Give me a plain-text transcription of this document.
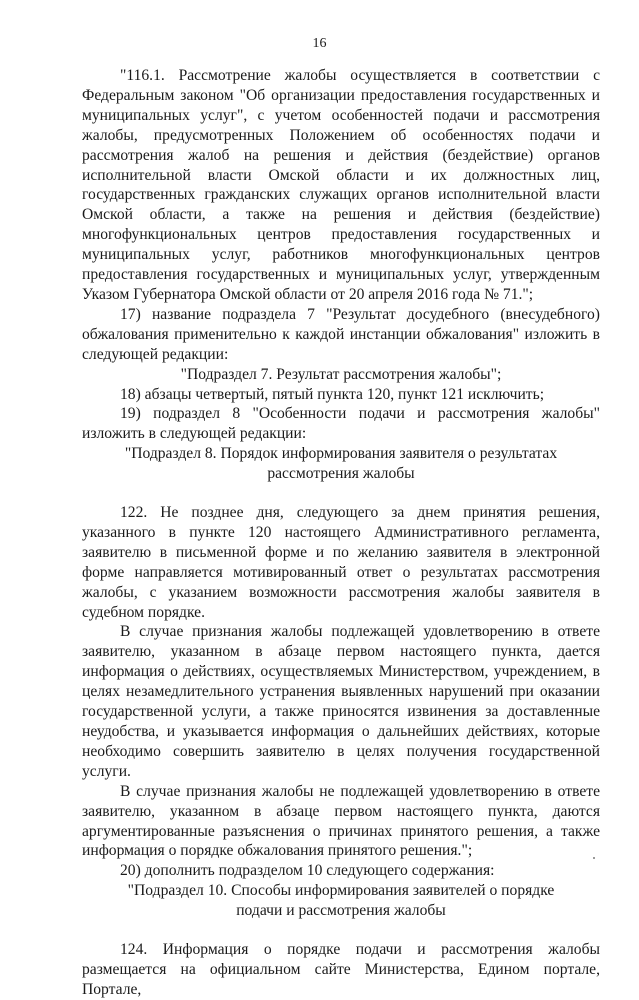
16

"116.1. Рассмотрение жалобы осуществляется в соответствии с Федеральным законом "Об организации предоставления государственных и муниципальных услуг", с учетом особенностей подачи и рассмотрения жалобы, предусмотренных Положением об особенностях подачи и рассмотрения жалоб на решения и действия (бездействие) органов исполнительной власти Омской области и их должностных лиц, государственных гражданских служащих органов исполнительной власти Омской области, а также на решения и действия (бездействие) многофункциональных центров предоставления государственных и муниципальных услуг, работников многофункциональных центров предоставления государственных и муниципальных услуг, утвержденным Указом Губернатора Омской области от 20 апреля 2016 года № 71.";

17) название подраздела 7 "Результат досудебного (внесудебного) обжалования применительно к каждой инстанции обжалования" изложить в следующей редакции:

"Подраздел 7. Результат рассмотрения жалобы";

18) абзацы четвертый, пятый пункта 120, пункт 121 исключить;

19) подраздел 8 "Особенности подачи и рассмотрения жалобы" изложить в следующей редакции:

"Подраздел 8. Порядок информирования заявителя о результатах
рассмотрения жалобы

122. Не позднее дня, следующего за днем принятия решения, указанного в пункте 120 настоящего Административного регламента, заявителю в письменной форме и по желанию заявителя в электронной форме направляется мотивированный ответ о результатах рассмотрения жалобы, с указанием возможности рассмотрения жалобы заявителя в судебном порядке.

В случае признания жалобы подлежащей удовлетворению в ответе заявителю, указанном в абзаце первом настоящего пункта, дается информация о действиях, осуществляемых Министерством, учреждением, в целях незамедлительного устранения выявленных нарушений при оказании государственной услуги, а также приносятся извинения за доставленные неудобства, и указывается информация о дальнейших действиях, которые необходимо совершить заявителю в целях получения государственной услуги.

В случае признания жалобы не подлежащей удовлетворению в ответе заявителю, указанном в абзаце первом настоящего пункта, даются аргументированные разъяснения о причинах принятого решения, а также информация о порядке обжалования принятого решения.";

20) дополнить подразделом 10 следующего содержания:

"Подраздел 10. Способы информирования заявителей о порядке
подачи и рассмотрения жалобы

124. Информация о порядке подачи и рассмотрения жалобы размещается на официальном сайте Министерства, Едином портале, Портале,
